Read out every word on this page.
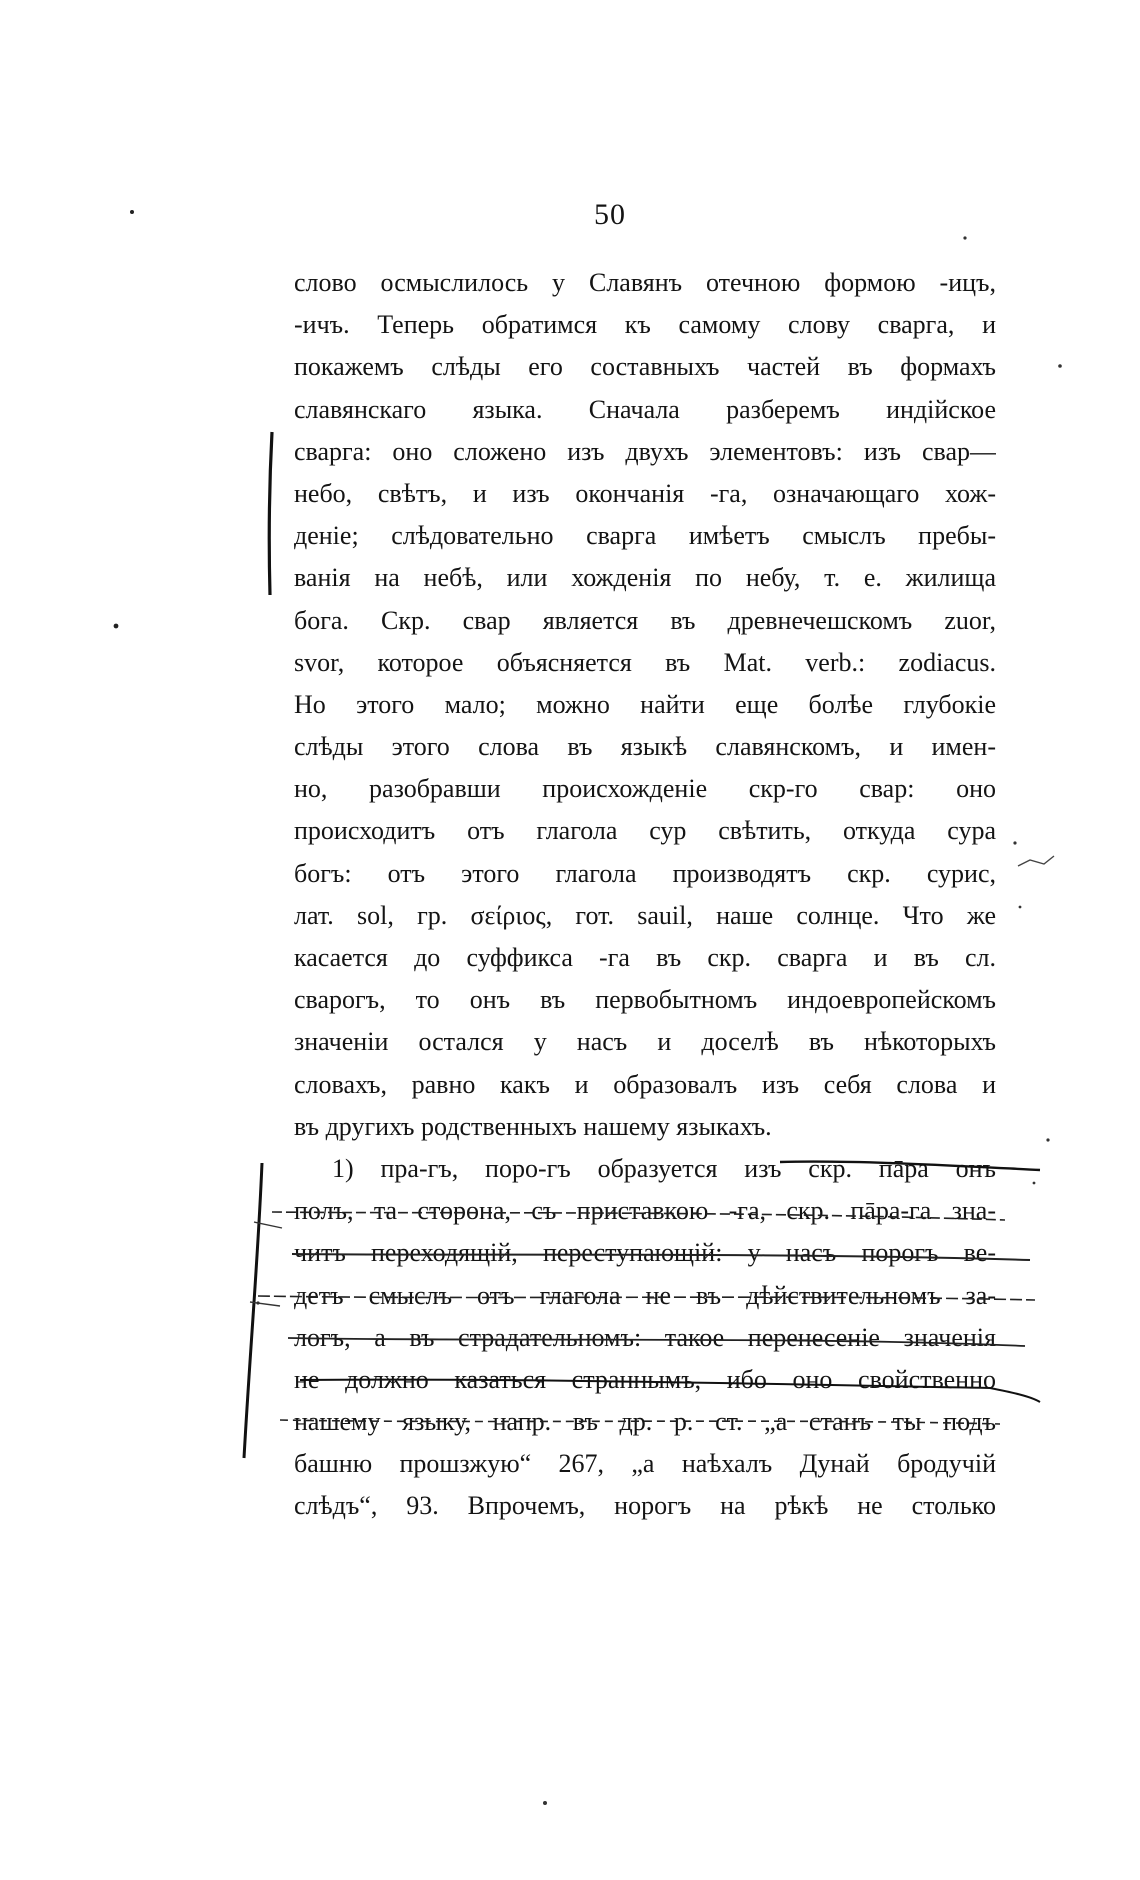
50
слово осмыслилось у Славянъ отечною формою -ицъ,
-ичъ. Теперь обратимся къ самому слову сварга, и
покажемъ слѣды его составныхъ частей въ формахъ
славянскаго языка. Сначала разберемъ индійское
сварга: оно сложено изъ двухъ элементовъ: изъ свар—
небо, свѣтъ, и изъ окончанія -га, означающаго хож-
деніе; слѣдовательно сварга имѣетъ смыслъ пребы-
ванія на небѣ, или хожденія по небу, т. е. жилища
бога. Скр. свар является въ древнечешскомъ zuor,
svor, которое объясняется въ Mat. verb.: zodiacus.
Но этого мало; можно найти еще болѣе глубокіе
слѣды этого слова въ языкѣ славянскомъ, и имен-
но, разобравши происхожденіе скр-го свар: оно
происходитъ отъ глагола сур свѣтить, откуда сура
богъ: отъ этого глагола производятъ скр. сурис,
лат. sol, гр. σείριος, гот. sauil, наше солнце. Что же
касается до суффикса -га въ скр. сварга и въ сл.
сварогъ, то онъ въ первобытномъ индоевропейскомъ
значеніи остался у насъ и доселѣ въ нѣкоторыхъ
словахъ, равно какъ и образовалъ изъ себя слова и
въ другихъ родственныхъ нашему языкахъ.
1) пра-гъ, поро-гъ образуется изъ скр. пāра онъ
полъ, та сторона, съ приставкою -га, скр. пāра-га зна-
читъ переходящій, переступающій: у насъ порогъ ве-
детъ смыслъ отъ глагола не въ дѣйствительномъ за-
логъ, а въ страдательномъ: такое перенесеніе значенія
не должно казаться страннымъ, ибо оно свойственно
нашему языку, напр. въ др. р. ст. „а станъ ты подъ
башню прошзжую“ 267, „а наѣхалъ Дунай бродучій
слѣдъ“, 93. Впрочемъ, норогъ на рѣкѣ не столько
